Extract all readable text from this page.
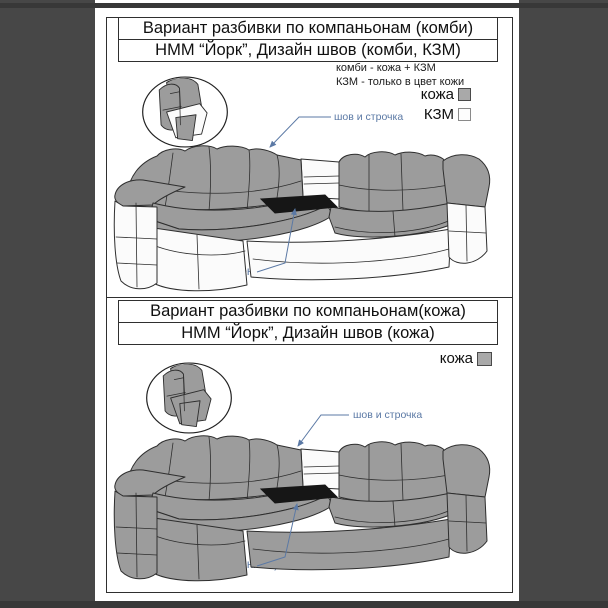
Вариант разбивки по компаньонам (комби)
НММ “Йорк”, Дизайн швов (комби, КЗМ)
комби - кожа + КЗМ
КЗМ - только в цвет кожи
кожа
КЗМ
шов и строчка
Вариант разбивки по компаньонам(кожа)
НММ “Йорк”, Дизайн швов (кожа)
кожа
шов и строчка
